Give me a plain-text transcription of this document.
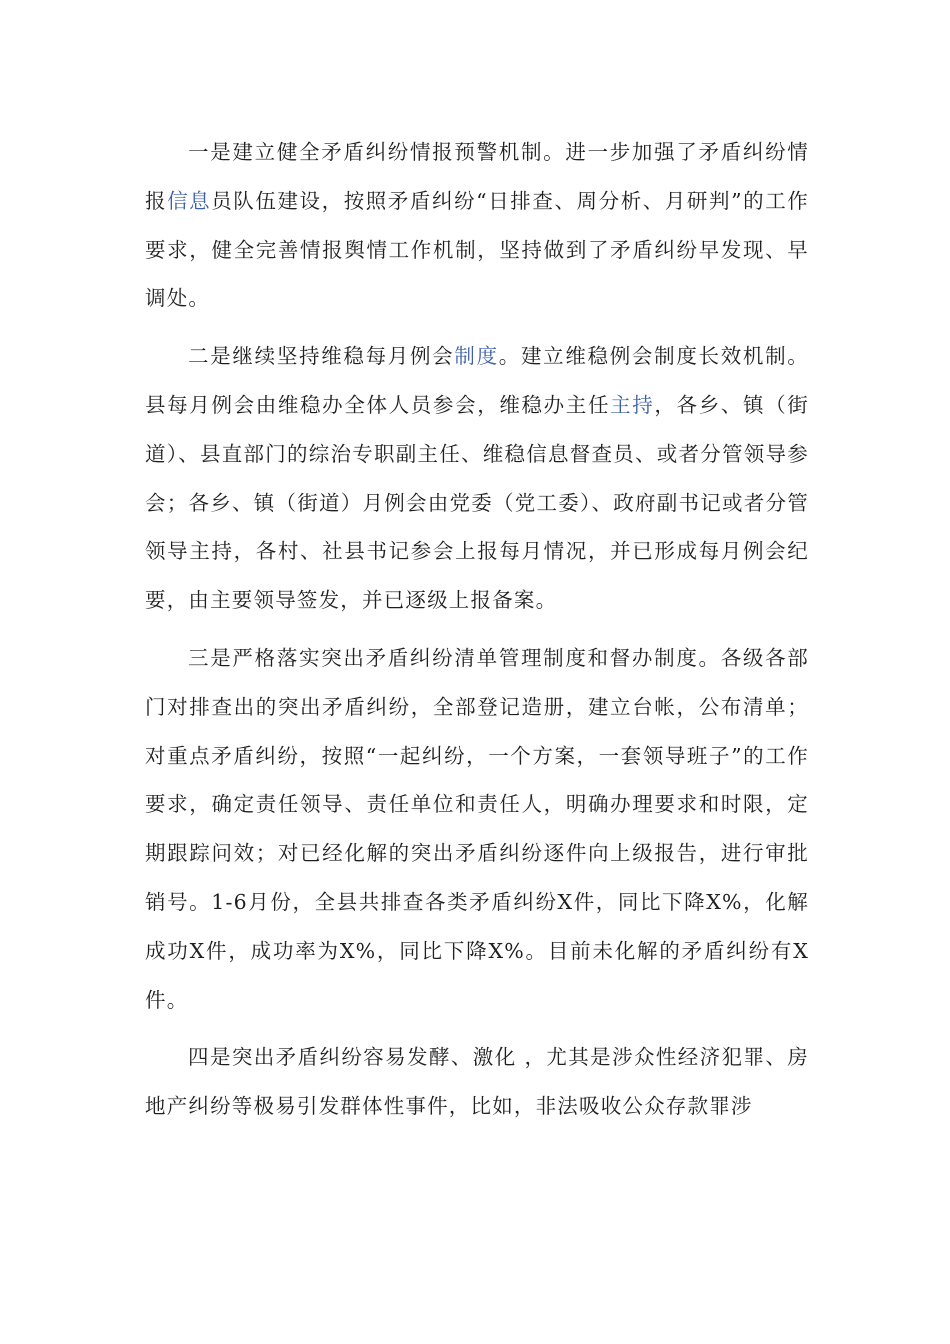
一是建立健全矛盾纠纷情报预警机制。进一步加强了矛盾纠纷情报信息员队伍建设，按照矛盾纠纷“日排查、周分析、月研判”的工作要求，健全完善情报舆情工作机制，坚持做到了矛盾纠纷早发现、早调处。

二是继续坚持维稳每月例会制度。建立维稳例会制度长效机制。县每月例会由维稳办全体人员参会，维稳办主任主持，各乡、镇（街道）、县直部门的综治专职副主任、维稳信息督查员、或者分管领导参会；各乡、镇（街道）月例会由党委（党工委）、政府副书记或者分管领导主持，各村、社县书记参会上报每月情况，并已形成每月例会纪要，由主要领导签发，并已逐级上报备案。

三是严格落实突出矛盾纠纷清单管理制度和督办制度。各级各部门对排查出的突出矛盾纠纷，全部登记造册，建立台帐，公布清单；对重点矛盾纠纷，按照“一起纠纷，一个方案，一套领导班子”的工作要求，确定责任领导、责任单位和责任人，明确办理要求和时限，定期跟踪问效；对已经化解的突出矛盾纠纷逐件向上级报告，进行审批销号。1-6月份，全县共排查各类矛盾纠纷X件，同比下降X%，化解成功X件，成功率为X%，同比下降X%。目前未化解的矛盾纠纷有X件。

四是突出矛盾纠纷容易发酵、激化 ，尤其是涉众性经济犯罪、房地产纠纷等极易引发群体性事件，比如，非法吸收公众存款罪涉
